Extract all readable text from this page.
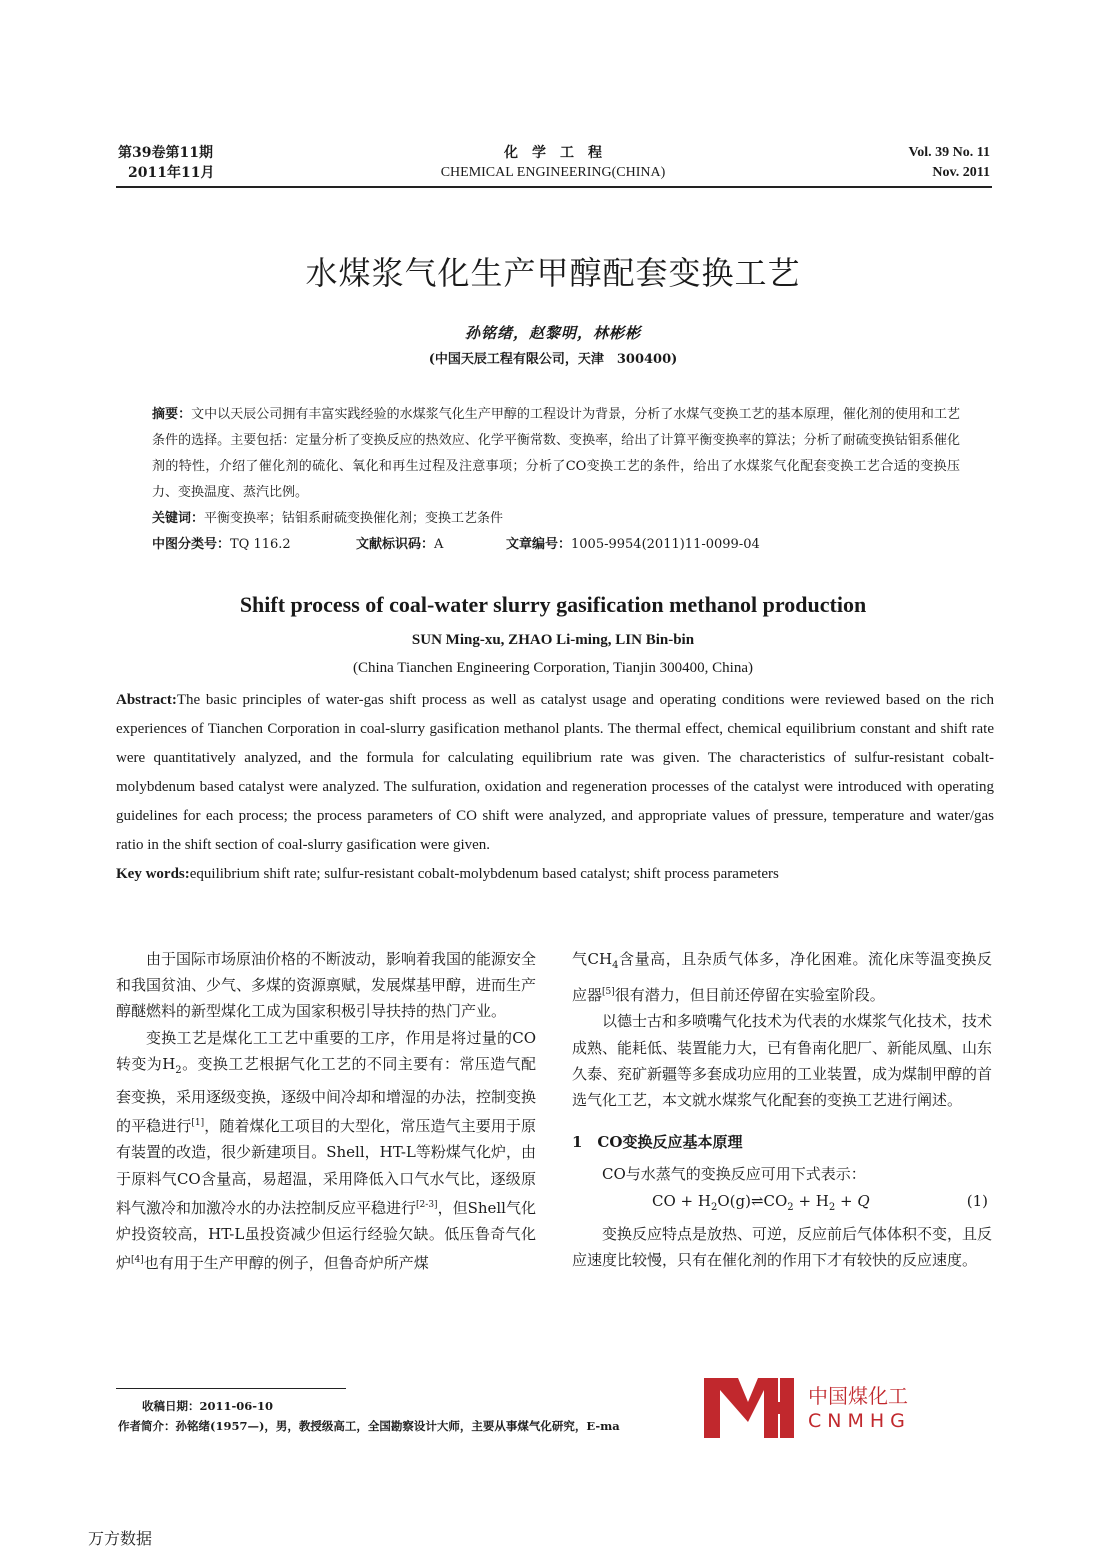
第39卷第11期
2011年11月
化　学　工　程
CHEMICAL ENGINEERING(CHINA)
Vol. 39 No. 11
Nov. 2011
水煤浆气化生产甲醇配套变换工艺
孙铭绪，赵黎明，林彬彬
(中国天辰工程有限公司，天津　300400)
摘要：文中以天辰公司拥有丰富实践经验的水煤浆气化生产甲醇的工程设计为背景，分析了水煤气变换工艺的基本原理，催化剂的使用和工艺条件的选择。主要包括：定量分析了变换反应的热效应、化学平衡常数、变换率，给出了计算平衡变换率的算法；分析了耐硫变换钴钼系催化剂的特性，介绍了催化剂的硫化、氧化和再生过程及注意事项；分析了CO变换工艺的条件，给出了水煤浆气化配套变换工艺合适的变换压力、变换温度、蒸汽比例。
关键词：平衡变换率；钴钼系耐硫变换催化剂；变换工艺条件
中图分类号：TQ 116.2	文献标识码：A	文章编号：1005-9954(2011)11-0099-04
Shift process of coal-water slurry gasification methanol production
SUN Ming-xu, ZHAO Li-ming, LIN Bin-bin
(China Tianchen Engineering Corporation, Tianjin 300400, China)
Abstract:The basic principles of water-gas shift process as well as catalyst usage and operating conditions were reviewed based on the rich experiences of Tianchen Corporation in coal-slurry gasification methanol plants. The thermal effect, chemical equilibrium constant and shift rate were quantitatively analyzed, and the formula for calculating equilibrium rate was given. The characteristics of sulfur-resistant cobalt-molybdenum based catalyst were analyzed. The sulfuration, oxidation and regeneration processes of the catalyst were introduced with operating guidelines for each process; the process parameters of CO shift were analyzed, and appropriate values of pressure, temperature and water/gas ratio in the shift section of coal-slurry gasification were given.
Key words:equilibrium shift rate; sulfur-resistant cobalt-molybdenum based catalyst; shift process parameters

由于国际市场原油价格的不断波动，影响着我国的能源安全和我国贫油、少气、多煤的资源禀赋，发展煤基甲醇，进而生产醇醚燃料的新型煤化工成为国家积极引导扶持的热门产业。

变换工艺是煤化工工艺中重要的工序，作用是将过量的CO转变为$H_2$。变换工艺根据气化工艺的不同主要有：常压造气配套变换，采用逐级变换，逐级中间冷却和增湿的办法，控制变换的平稳进行[1]，随着煤化工项目的大型化，常压造气主要用于原有装置的改造，很少新建项目。Shell，HT-L等粉煤气化炉，由于原料气CO含量高，易超温，采用降低入口气水气比，逐级原料气激冷和加激冷水的办法控制反应平稳进行[2-3]，但Shell气化炉投资较高，HT-L虽投资减少但运行经验欠缺。低压鲁奇气化炉[4]也有用于生产甲醇的例子，但鲁奇炉所产煤

气$CH_4$含量高，且杂质气体多，净化困难。流化床等温变换反应器[5]很有潜力，但目前还停留在实验室阶段。

以德士古和多喷嘴气化技术为代表的水煤浆气化技术，技术成熟、能耗低、装置能力大，已有鲁南化肥厂、新能凤凰、山东久泰、兖矿新疆等多套成功应用的工业装置，成为煤制甲醇的首选气化工艺，本文就水煤浆气化配套的变换工艺进行阐述。

1　CO变换反应基本原理

CO与水蒸气的变换反应可用下式表示：

CO + $H_2O(g)\rightleftharpoons CO_2 + H_2 + Q$	(1)

变换反应特点是放热、可逆，反应前后气体体积不变，且反应速度比较慢，只有在催化剂的作用下才有较快的反应速度。

收稿日期：2011-06-10
作者简介：孙铭绪(1957—)，男，教授级高工，全国勘察设计大师，主要从事煤气化研究，E-ma
中国煤化工
CNMHG
万方数据
